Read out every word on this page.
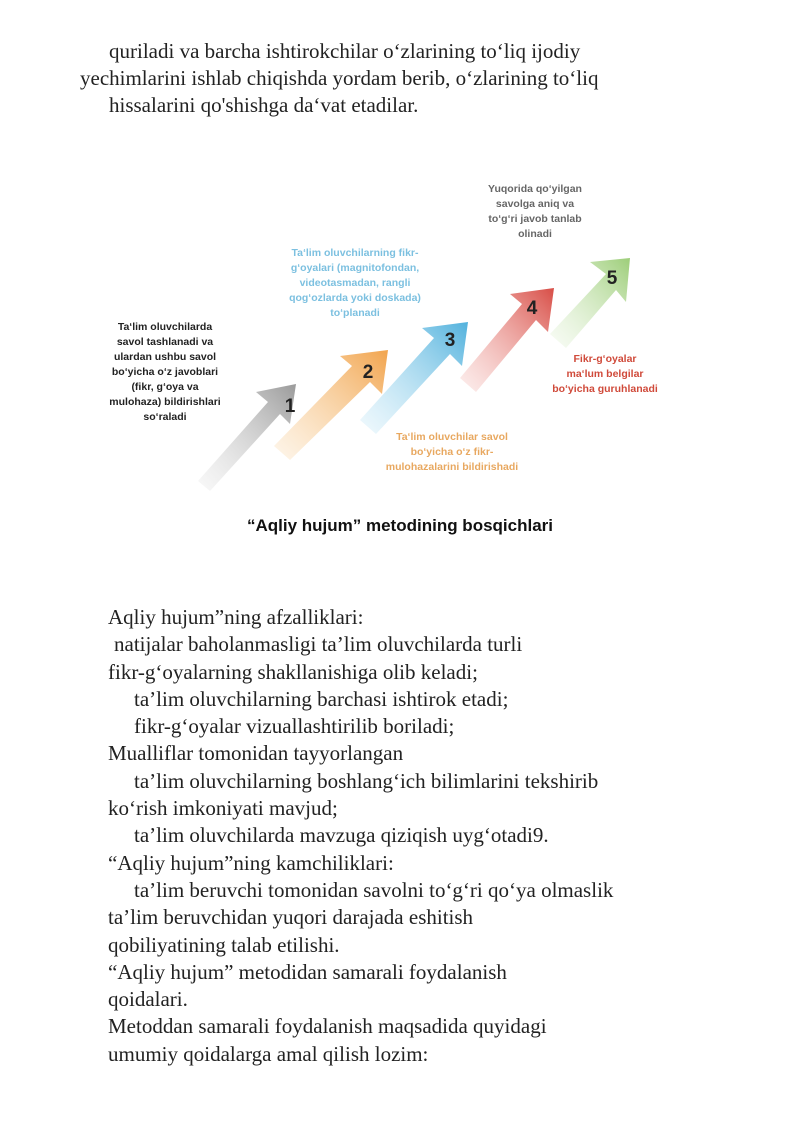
quriladi va barcha ishtirokchilar o‘zlarining to‘liq ijodiy
yechimlarini ishlab chiqishda yordam berib, o‘zlarining to‘liq
hissalarini qo'shishga da‘vat etadilar.
1
2
3
4
5
Ta‘lim oluvchilarda
savol tashlanadi va
ulardan ushbu savol
bo‘yicha o‘z javoblari
(fikr, g‘oya va
mulohaza) bildirishlari
so‘raladi
Ta‘lim oluvchilar savol
bo‘yicha o‘z fikr-
mulohazalarini bildirishadi
Ta‘lim oluvchilarning fikr-
g‘oyalari (magnitofondan,
videotasmadan, rangli
qog‘ozlarda yoki doskada)
to‘planadi
Fikr-g‘oyalar
ma‘lum belgilar
bo‘yicha guruhlanadi
Yuqorida qo‘yilgan
savolga aniq va
to‘g‘ri javob tanlab
olinadi
“Aqliy hujum” metodining bosqichlari
Aqliy hujum”ning afzalliklari:
natijalar baholanmasligi ta’lim oluvchilarda turli
fikr-g‘oyalarning shakllanishiga olib keladi;
ta’lim oluvchilarning barchasi ishtirok etadi;
fikr-g‘oyalar vizuallashtirilib boriladi;
Mualliflar tomonidan tayyorlangan
ta’lim oluvchilarning boshlang‘ich bilimlarini tekshirib
ko‘rish imkoniyati mavjud;
ta’lim oluvchilarda mavzuga qiziqish uyg‘otadi9.
“Aqliy hujum”ning kamchiliklari:
ta’lim beruvchi tomonidan savolni to‘g‘ri qo‘ya olmaslik
ta’lim beruvchidan yuqori darajada eshitish
qobiliyatining talab etilishi.
“Aqliy hujum” metodidan samarali foydalanish
qoidalari.
Metoddan samarali foydalanish maqsadida quyidagi
umumiy qoidalarga amal qilish lozim:
